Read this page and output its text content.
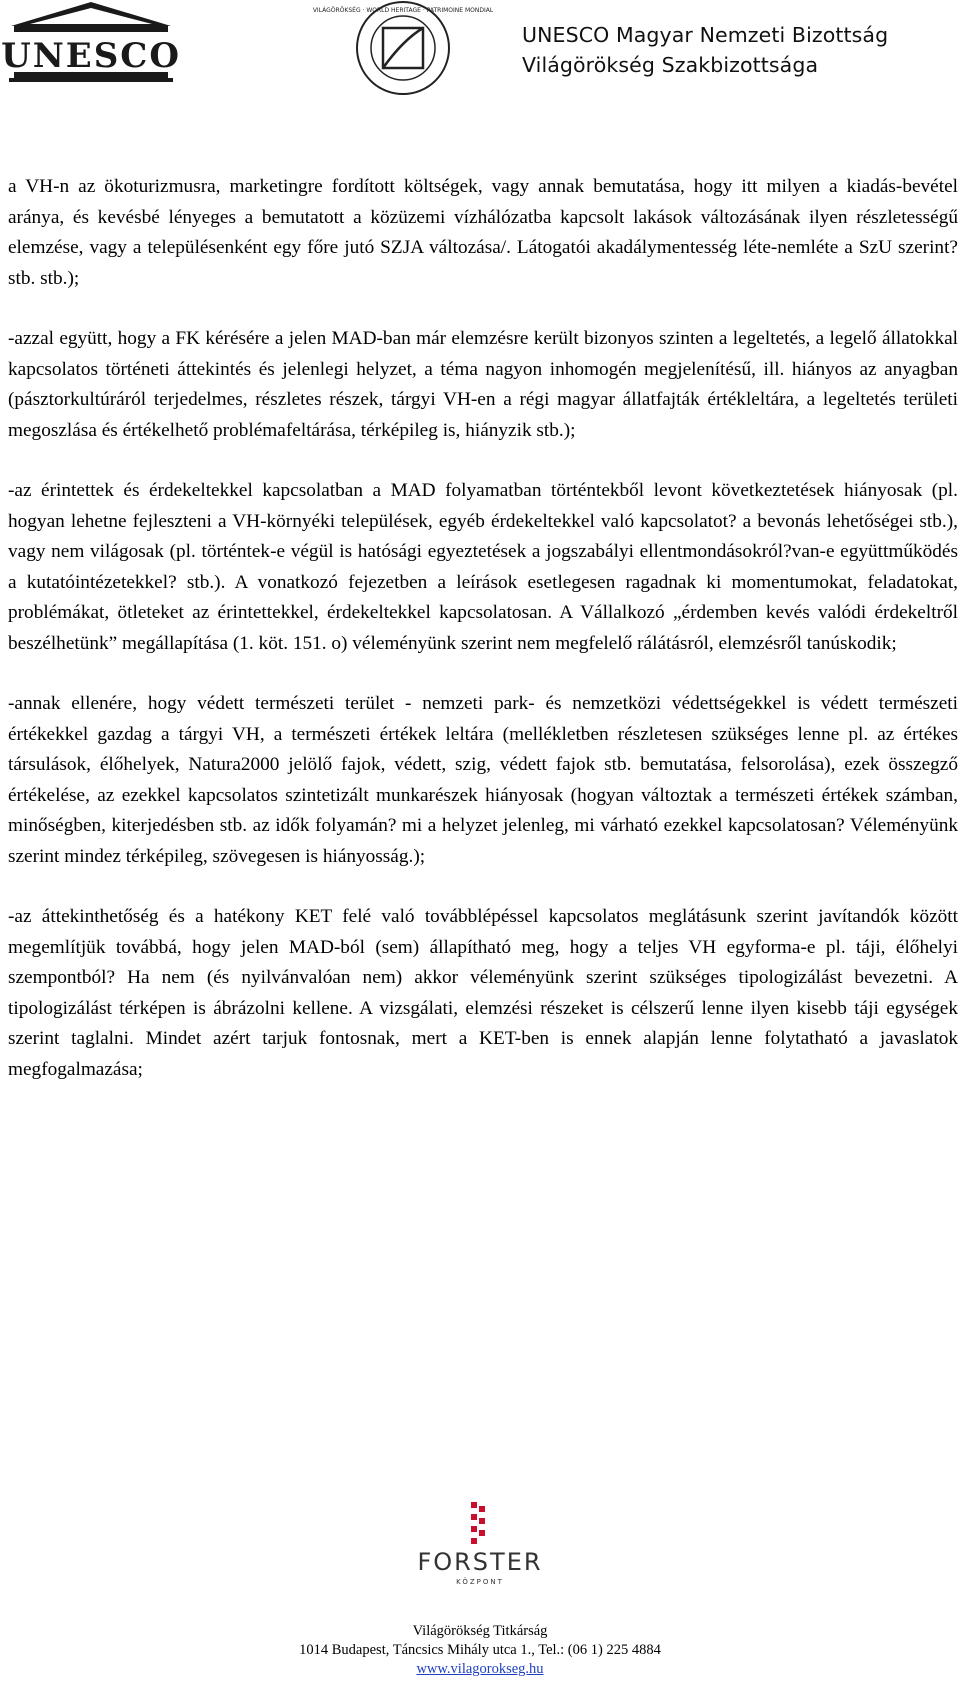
UNESCO
VILÁGÖRÖKSÉG · WORLD HERITAGE · PATRIMOINE MONDIAL
UNESCO Magyar Nemzeti Bizottság
Világörökség Szakbizottsága

a VH-n az ökoturizmusra, marketingre fordított költségek, vagy annak bemutatása, hogy itt milyen a kiadás-bevétel aránya, és kevésbé lényeges a bemutatott a közüzemi vízhálózatba kapcsolt lakások változásának ilyen részletességű elemzése, vagy a településenként egy főre jutó SZJA változása/. Látogatói akadálymentesség léte-nemléte a SzU szerint? stb. stb.);

-azzal együtt, hogy a FK kérésére a jelen MAD-ban már elemzésre került bizonyos szinten a legeltetés, a legelő állatokkal kapcsolatos történeti áttekintés és jelenlegi helyzet, a téma nagyon inhomogén megjelenítésű, ill. hiányos az anyagban (pásztorkultúráról terjedelmes, részletes részek, tárgyi VH-en a régi magyar állatfajták értékleltára, a legeltetés területi megoszlása és értékelhető problémafeltárása, térképileg is, hiányzik stb.);

-az érintettek és érdekeltekkel kapcsolatban a MAD folyamatban történtekből levont következtetések hiányosak (pl. hogyan lehetne fejleszteni a VH-környéki települések, egyéb érdekeltekkel való kapcsolatot? a bevonás lehetőségei stb.), vagy nem világosak (pl. történtek-e végül is hatósági egyeztetések a jogszabályi ellentmondásokról?van-e együttműködés a kutatóintézetekkel? stb.). A vonatkozó fejezetben a leírások esetlegesen ragadnak ki momentumokat, feladatokat, problémákat, ötleteket az érintettekkel, érdekeltekkel kapcsolatosan. A Vállalkozó „érdemben kevés valódi érdekeltről beszélhetünk” megállapítása (1. köt. 151. o) véleményünk szerint nem megfelelő rálátásról, elemzésről tanúskodik;

-annak ellenére, hogy védett természeti terület - nemzeti park- és nemzetközi védettségekkel is védett természeti értékekkel gazdag a tárgyi VH, a természeti értékek leltára (mellékletben részletesen szükséges lenne pl. az értékes társulások, élőhelyek, Natura2000 jelölő fajok, védett, szig, védett fajok stb. bemutatása, felsorolása), ezek összegző értékelése, az ezekkel kapcsolatos szintetizált munkarészek hiányosak (hogyan változtak a természeti értékek számban, minőségben, kiterjedésben stb. az idők folyamán? mi a helyzet jelenleg, mi várható ezekkel kapcsolatosan? Véleményünk szerint mindez térképileg, szövegesen is hiányosság.);

-az áttekinthetőség és a hatékony KET felé való továbblépéssel kapcsolatos meglátásunk szerint javítandók között megemlítjük továbbá, hogy jelen MAD-ból (sem) állapítható meg, hogy a teljes VH egyforma-e pl. táji, élőhelyi szempontból? Ha nem (és nyilvánvalóan nem) akkor véleményünk szerint szükséges tipologizálást bevezetni. A tipologizálást térképen is ábrázolni kellene. A vizsgálati, elemzési részeket is célszerű lenne ilyen kisebb táji egységek szerint taglalni. Mindet azért tarjuk fontosnak, mert a KET-ben is ennek alapján lenne folytatható a javaslatok megfogalmazása;

FORSTER
KÖZPONT
Világörökség Titkárság
1014 Budapest, Táncsics Mihály utca 1., Tel.: (06 1) 225 4884
www.vilagorokseg.hu
